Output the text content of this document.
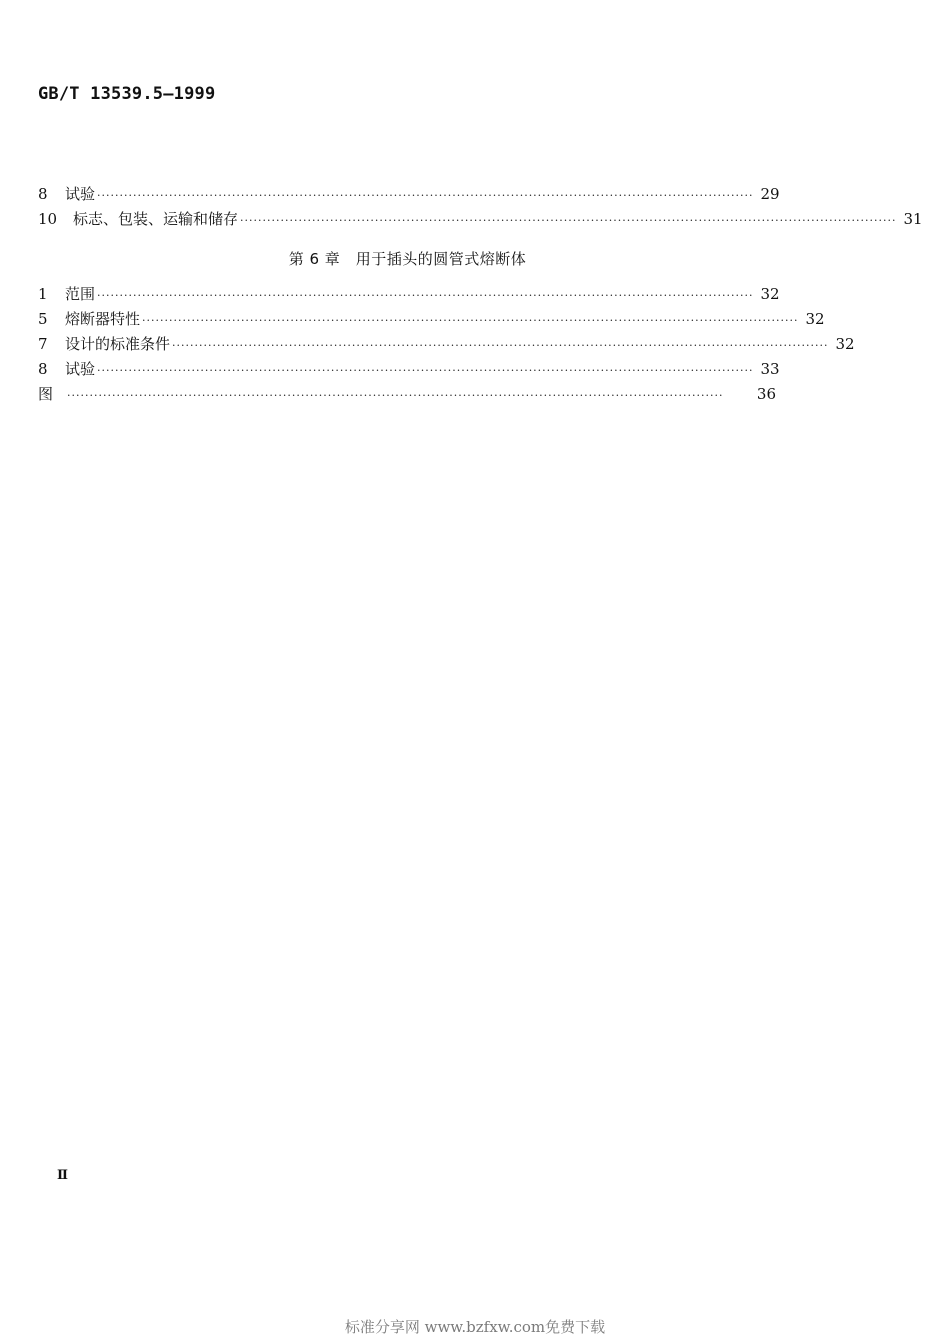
GB/T 13539.5—1999
8	试验 ·················································································································································· 29
10	标志、包装、运输和储存 ·················································································································································· 31
第 6 章　用于插头的圆管式熔断体
1	范围 ·················································································································································· 32
5	熔断器特性 ·················································································································································· 32
7	设计的标准条件 ·················································································································································· 32
8	试验 ·················································································································································· 33
图	··················································································································································	36
Ⅱ
标准分享网 www.bzfxw.com免费下载
